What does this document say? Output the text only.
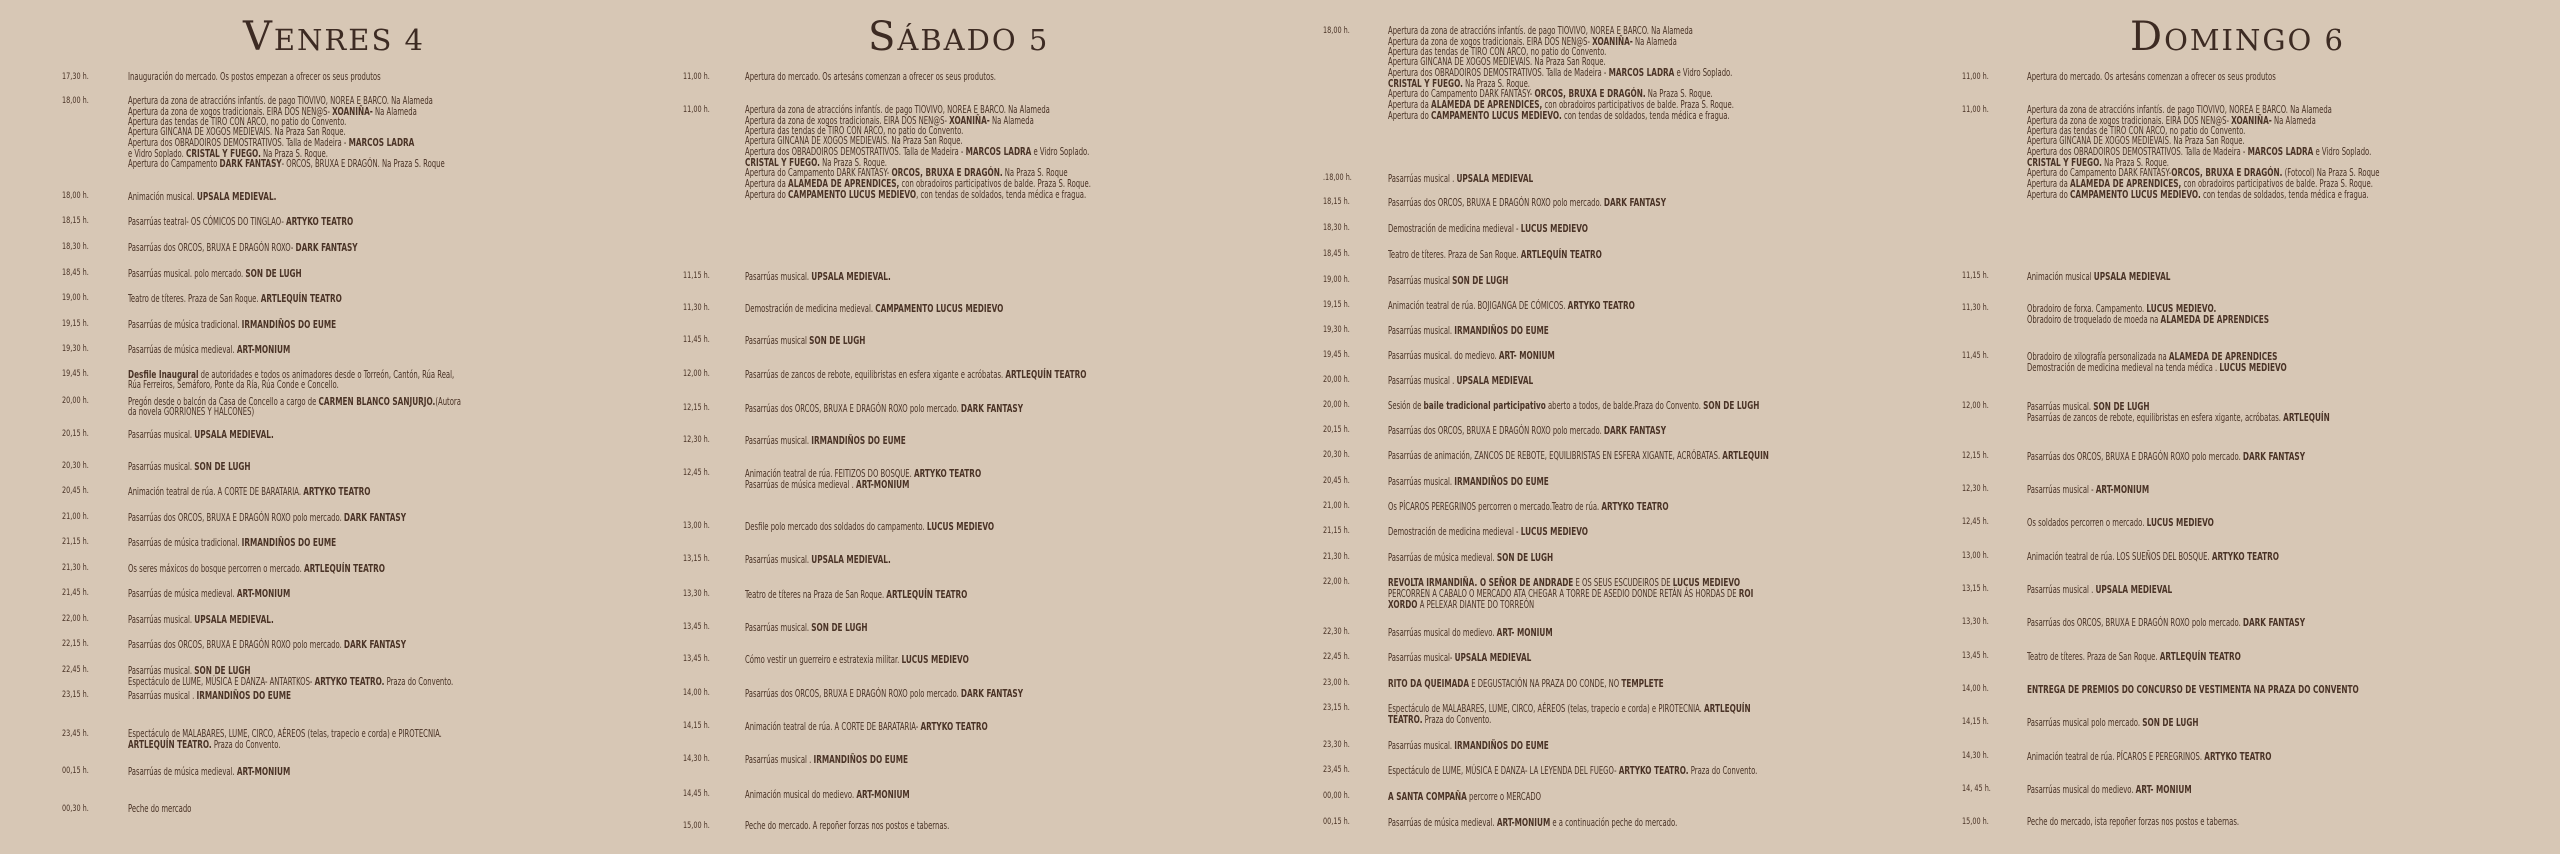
VENRES 4
17,30 h.	Inauguración do mercado. Os postos empezan a ofrecer os seus produtos
18,00 h.	Apertura da zona de atraccións infantís. de pago TIOVIVO, NOREA E BARCO. Na Alameda
Apertura da zona de xogos tradicionais. EIRA DOS NEN@S- XOANIÑA- Na Alameda
Apertura das tendas de TIRO CON ARCO, no patio do Convento.
Apertura GINCANA DE XOGOS MEDIEVAIS. Na Praza San Roque.
Apertura dos OBRADOIROS DEMOSTRATIVOS. Talla de Madeira - MARCOS LADRA
e Vidro Soplado. CRISTAL Y FUEGO. Na Praza S. Roque.
Apertura do Campamento DARK FANTASY- ORCOS, BRUXA E DRAGÓN. Na Praza S. Roque
18,00 h.	Animación musical. UPSALA MEDIEVAL.
18,15 h.	Pasarrúas teatral- OS CÓMICOS DO TINGLAO- ARTYKO TEATRO
18,30 h.	Pasarrúas dos ORCOS, BRUXA E DRAGÓN ROXO- DARK FANTASY
18,45 h.	Pasarrúas musical. polo mercado. SON DE LUGH
19,00 h.	Teatro de títeres. Praza de San Roque. ARTLEQUÍN TEATRO
19,15 h.	Pasarrúas de música tradicional. IRMANDIÑOS DO EUME
19,30 h.	Pasarrúas de música medieval. ART-MONIUM
19,45 h.	Desfile Inaugural de autoridades e todos os animadores desde o Torreón, Cantón, Rúa Real,
Rúa Ferreiros, Semáforo, Ponte da Ría, Rúa Conde e Concello.
20,00 h.	Pregón desde o balcón da Casa de Concello a cargo de CARMEN BLANCO SANJURJO.(Autora
da novela GORRIONES Y HALCONES)
20,15 h.	Pasarrúas musical. UPSALA MEDIEVAL.
20,30 h.	Pasarrúas musical. SON DE LUGH
20,45 h.	Animación teatral de rúa. A CORTE DE BARATARIA. ARTYKO TEATRO
21,00 h.	Pasarrúas dos ORCOS, BRUXA E DRAGÓN ROXO polo mercado. DARK FANTASY
21,15 h.	Pasarrúas de música tradicional. IRMANDIÑOS DO EUME
21,30 h.	Os seres máxicos do bosque percorren o mercado. ARTLEQUÍN TEATRO
21,45 h.	Pasarrúas de música medieval. ART-MONIUM
22,00 h.	Pasarrúas musical. UPSALA MEDIEVAL.
22,15 h.	Pasarrúas dos ORCOS, BRUXA E DRAGÓN ROXO polo mercado. DARK FANTASY
22,45 h.	Pasarrúas musical. SON DE LUGH
Espectáculo de LUME, MÚSICA E DANZA- ANTARTKOS- ARTYKO TEATRO. Praza do Convento.
23,15 h.	Pasarrúas musical . IRMANDIÑOS DO EUME
23,45 h.	Espectáculo de MALABARES, LUME, CIRCO, AÉREOS (telas, trapecio e corda) e PIROTECNIA.
ARTLEQUÍN TEATRO. Praza do Convento.
00,15 h.	Pasarrúas de música medieval. ART-MONIUM
00,30 h.	Peche do mercado
SÁBADO 5
11,00 h.	Apertura do mercado. Os artesáns comenzan a ofrecer os seus produtos.
11,00 h.	Apertura da zona de atraccións infantís. de pago TIOVIVO, NOREA E BARCO. Na Alameda
Apertura da zona de xogos tradicionais. EIRA DOS NEN@S- XOANIÑA- Na Alameda
Apertura das tendas de TIRO CON ARCO, no patio do Convento.
Apertura GINCANA DE XOGOS MEDIEVAIS. Na Praza San Roque.
Apertura dos OBRADOIROS DEMOSTRATIVOS. Talla de Madeira - MARCOS LADRA e Vidro Soplado.
CRISTAL Y FUEGO. Na Praza S. Roque.
Apertura do Campamento DARK FANTASY- ORCOS, BRUXA E DRAGÓN. Na Praza S. Roque
Apertura da ALAMEDA DE APRENDICES, con obradoiros participativos de balde. Praza S. Roque.
Apertura do CAMPAMENTO LUCUS MEDIEVO, con tendas de soldados, tenda médica e fragua.
11,15 h.	Pasarrúas musical. UPSALA MEDIEVAL.
11,30 h.	Demostración de medicina medieval. CAMPAMENTO LUCUS MEDIEVO
11,45 h.	Pasarrúas musical SON DE LUGH
12,00 h.	Pasarrúas de zancos de rebote, equilibristas en esfera xigante e acróbatas. ARTLEQUÍN TEATRO
12,15 h.	Pasarrúas dos ORCOS, BRUXA E DRAGÓN ROXO polo mercado. DARK FANTASY
12,30 h.	Pasarrúas musical. IRMANDIÑOS DO EUME
12,45 h.	Animación teatral de rúa. FEITIZOS DO BOSQUE. ARTYKO TEATRO
Pasarrúas de música medieval . ART-MONIUM
13,00 h.	Desfile polo mercado dos soldados do campamento. LUCUS MEDIEVO
13,15 h.	Pasarrúas musical. UPSALA MEDIEVAL.
13,30 h.	Teatro de títeres na Praza de San Roque. ARTLEQUÍN TEATRO
13,45 h.	Pasarrúas musical. SON DE LUGH
13,45 h.	Cómo vestir un guerreiro e estratexia militar. LUCUS MEDIEVO
14,00 h.	Pasarrúas dos ORCOS, BRUXA E DRAGÓN ROXO polo mercado. DARK FANTASY
14,15 h.	Animación teatral de rúa. A CORTE DE BARATARIA- ARTYKO TEATRO
14,30 h.	Pasarrúas musical . IRMANDIÑOS DO EUME
14,45 h.	Animación musical do medievo. ART-MONIUM
15,00 h.	Peche do mercado. A repoñer forzas nos postos e tabernas.
18,00 h.	Apertura da zona de atraccións infantís. de pago TIOVIVO, NOREA E BARCO. Na Alameda
Apertura da zona de xogos tradicionais. EIRA DOS NEN@S- XOANIÑA- Na Alameda
Apertura das tendas de TIRO CON ARCO, no patio do Convento.
Apertura GINCANA DE XOGOS MEDIEVAIS. Na Praza San Roque.
Apertura dos OBRADOIROS DEMOSTRATIVOS. Talla de Madeira - MARCOS LADRA e Vidro Soplado.
CRISTAL Y FUEGO. Na Praza S. Roque.
Apertura do Campamento DARK FANTASY- ORCOS, BRUXA E DRAGÓN. Na Praza S. Roque.
Apertura da ALAMEDA DE APRENDICES, con obradoiros participativos de balde. Praza S. Roque.
Apertura do CAMPAMENTO LUCUS MEDIEVO. con tendas de soldados, tenda médica e fragua.
.18,00 h.	Pasarrúas musical . UPSALA MEDIEVAL
18,15 h.	Pasarrúas dos ORCOS, BRUXA E DRAGÓN ROXO polo mercado. DARK FANTASY
18,30 h.	Demostración de medicina medieval - LUCUS MEDIEVO
18,45 h.	Teatro de títeres. Praza de San Roque. ARTLEQUÍN TEATRO
19,00 h.	Pasarrúas musical SON DE LUGH
19,15 h.	Animación teatral de rúa. BOJIGANGA DE CÓMICOS. ARTYKO TEATRO
19,30 h.	Pasarrúas musical. IRMANDIÑOS DO EUME
19,45 h.	Pasarrúas musical. do medievo. ART- MONIUM
20,00 h.	Pasarrúas musical . UPSALA MEDIEVAL
20,00 h.	Sesión de baile tradicional participativo aberto a todos, de balde.Praza do Convento. SON DE LUGH
20,15 h.	Pasarrúas dos ORCOS, BRUXA E DRAGÓN ROXO polo mercado. DARK FANTASY
20,30 h.	Pasarrúas de animación, ZANCOS DE REBOTE, EQUILIBRISTAS EN ESFERA XIGANTE, ACRÓBATAS. ARTLEQUIN
20,45 h.	Pasarrúas musical. IRMANDIÑOS DO EUME
21,00 h.	Os PÍCAROS PEREGRINOS percorren o mercado.Teatro de rúa. ARTYKO TEATRO
21,15 h.	Demostración de medicina medieval - LUCUS MEDIEVO
21,30 h.	Pasarrúas de música medieval. SON DE LUGH
22,00 h.	REVOLTA IRMANDIÑA. O SEÑOR DE ANDRADE E OS SEUS ESCUDEIROS DE LUCUS MEDIEVO
PERCORREN A CABALO O MERCADO ATA CHEGAR A TORRE DE ASEDIO DONDE RETÁN ÁS HORDAS DE ROI
XORDO A PELEXAR DIANTE DO TORREÓN
22,30 h.	Pasarrúas musical do medievo. ART- MONIUM
22,45 h.	Pasarrúas musical- UPSALA MEDIEVAL
23,00 h.	RITO DA QUEIMADA E DEGUSTACIÓN NA PRAZA DO CONDE, NO TEMPLETE
23,15 h.	Espectáculo de MALABARES, LUME, CIRCO, AÉREOS (telas, trapecio e corda) e PIROTECNIA. ARTLEQUÍN
TEATRO. Praza do Convento.
23,30 h.	Pasarrúas musical. IRMANDIÑOS DO EUME
23,45 h.	Espectáculo de LUME, MÚSICA E DANZA- LA LEYENDA DEL FUEGO- ARTYKO TEATRO. Praza do Convento.
00,00 h.	A SANTA COMPAÑA percorre o MERCADO
00,15 h.	Pasarrúas de música medieval. ART-MONIUM e a continuación peche do mercado.
DOMINGO 6
11,00 h.	Apertura do mercado. Os artesáns comenzan a ofrecer os seus produtos
11,00 h.	Apertura da zona de atraccións infantís. de pago TIOVIVO, NOREA E BARCO. Na Alameda
Apertura da zona de xogos tradicionais. EIRA DOS NEN@S- XOANIÑA- Na Alameda
Apertura das tendas de TIRO CON ARCO, no patio do Convento.
Apertura GINCANA DE XOGOS MEDIEVAIS. Na Praza San Roque.
Apertura dos OBRADOIROS DEMOSTRATIVOS. Talla de Madeira - MARCOS LADRA e Vidro Soplado.
CRISTAL Y FUEGO. Na Praza S. Roque.
Apertura do Campamento DARK FANTASY-ORCOS, BRUXA E DRAGÓN. (Fotocol) Na Praza S. Roque
Apertura da ALAMEDA DE APRENDICES, con obradoiros participativos de balde. Praza S. Roque.
Apertura do CAMPAMENTO LUCUS MEDIEVO. con tendas de soldados, tenda médica e fragua.
11,15 h.	Animación musical UPSALA MEDIEVAL
11,30 h.	Obradoiro de forxa. Campamento. LUCUS MEDIEVO.
Obradoiro de troquelado de moeda na ALAMEDA DE APRENDICES
11,45 h.	Obradoiro de xilografía personalizada na ALAMEDA DE APRENDICES
Demostración de medicina medieval na tenda médica . LUCUS MEDIEVO
12,00 h.	Pasarrúas musical. SON DE LUGH
Pasarrúas de zancos de rebote, equilibristas en esfera xigante, acróbatas. ARTLEQUÍN
12,15 h.	Pasarrúas dos ORCOS, BRUXA E DRAGÓN ROXO polo mercado. DARK FANTASY
12,30 h.	Pasarrúas musical - ART-MONIUM
12,45 h.	Os soldados percorren o mercado. LUCUS MEDIEVO
13,00 h.	Animación teatral de rúa. LOS SUEÑOS DEL BOSQUE. ARTYKO TEATRO
13,15 h.	Pasarrúas musical . UPSALA MEDIEVAL
13,30 h.	Pasarrúas dos ORCOS, BRUXA E DRAGÓN ROXO polo mercado. DARK FANTASY
13,45 h.	Teatro de títeres. Praza de San Roque. ARTLEQUÍN TEATRO
14,00 h.	ENTREGA DE PREMIOS DO CONCURSO DE VESTIMENTA NA PRAZA DO CONVENTO
14,15 h.	Pasarrúas musical polo mercado. SON DE LUGH
14,30 h.	Animación teatral de rúa. PÍCAROS E PEREGRINOS. ARTYKO TEATRO
14, 45 h.	Pasarrúas musical do medievo. ART- MONIUM
15,00 h.	Peche do mercado, ista repoñer forzas nos postos e tabernas.
